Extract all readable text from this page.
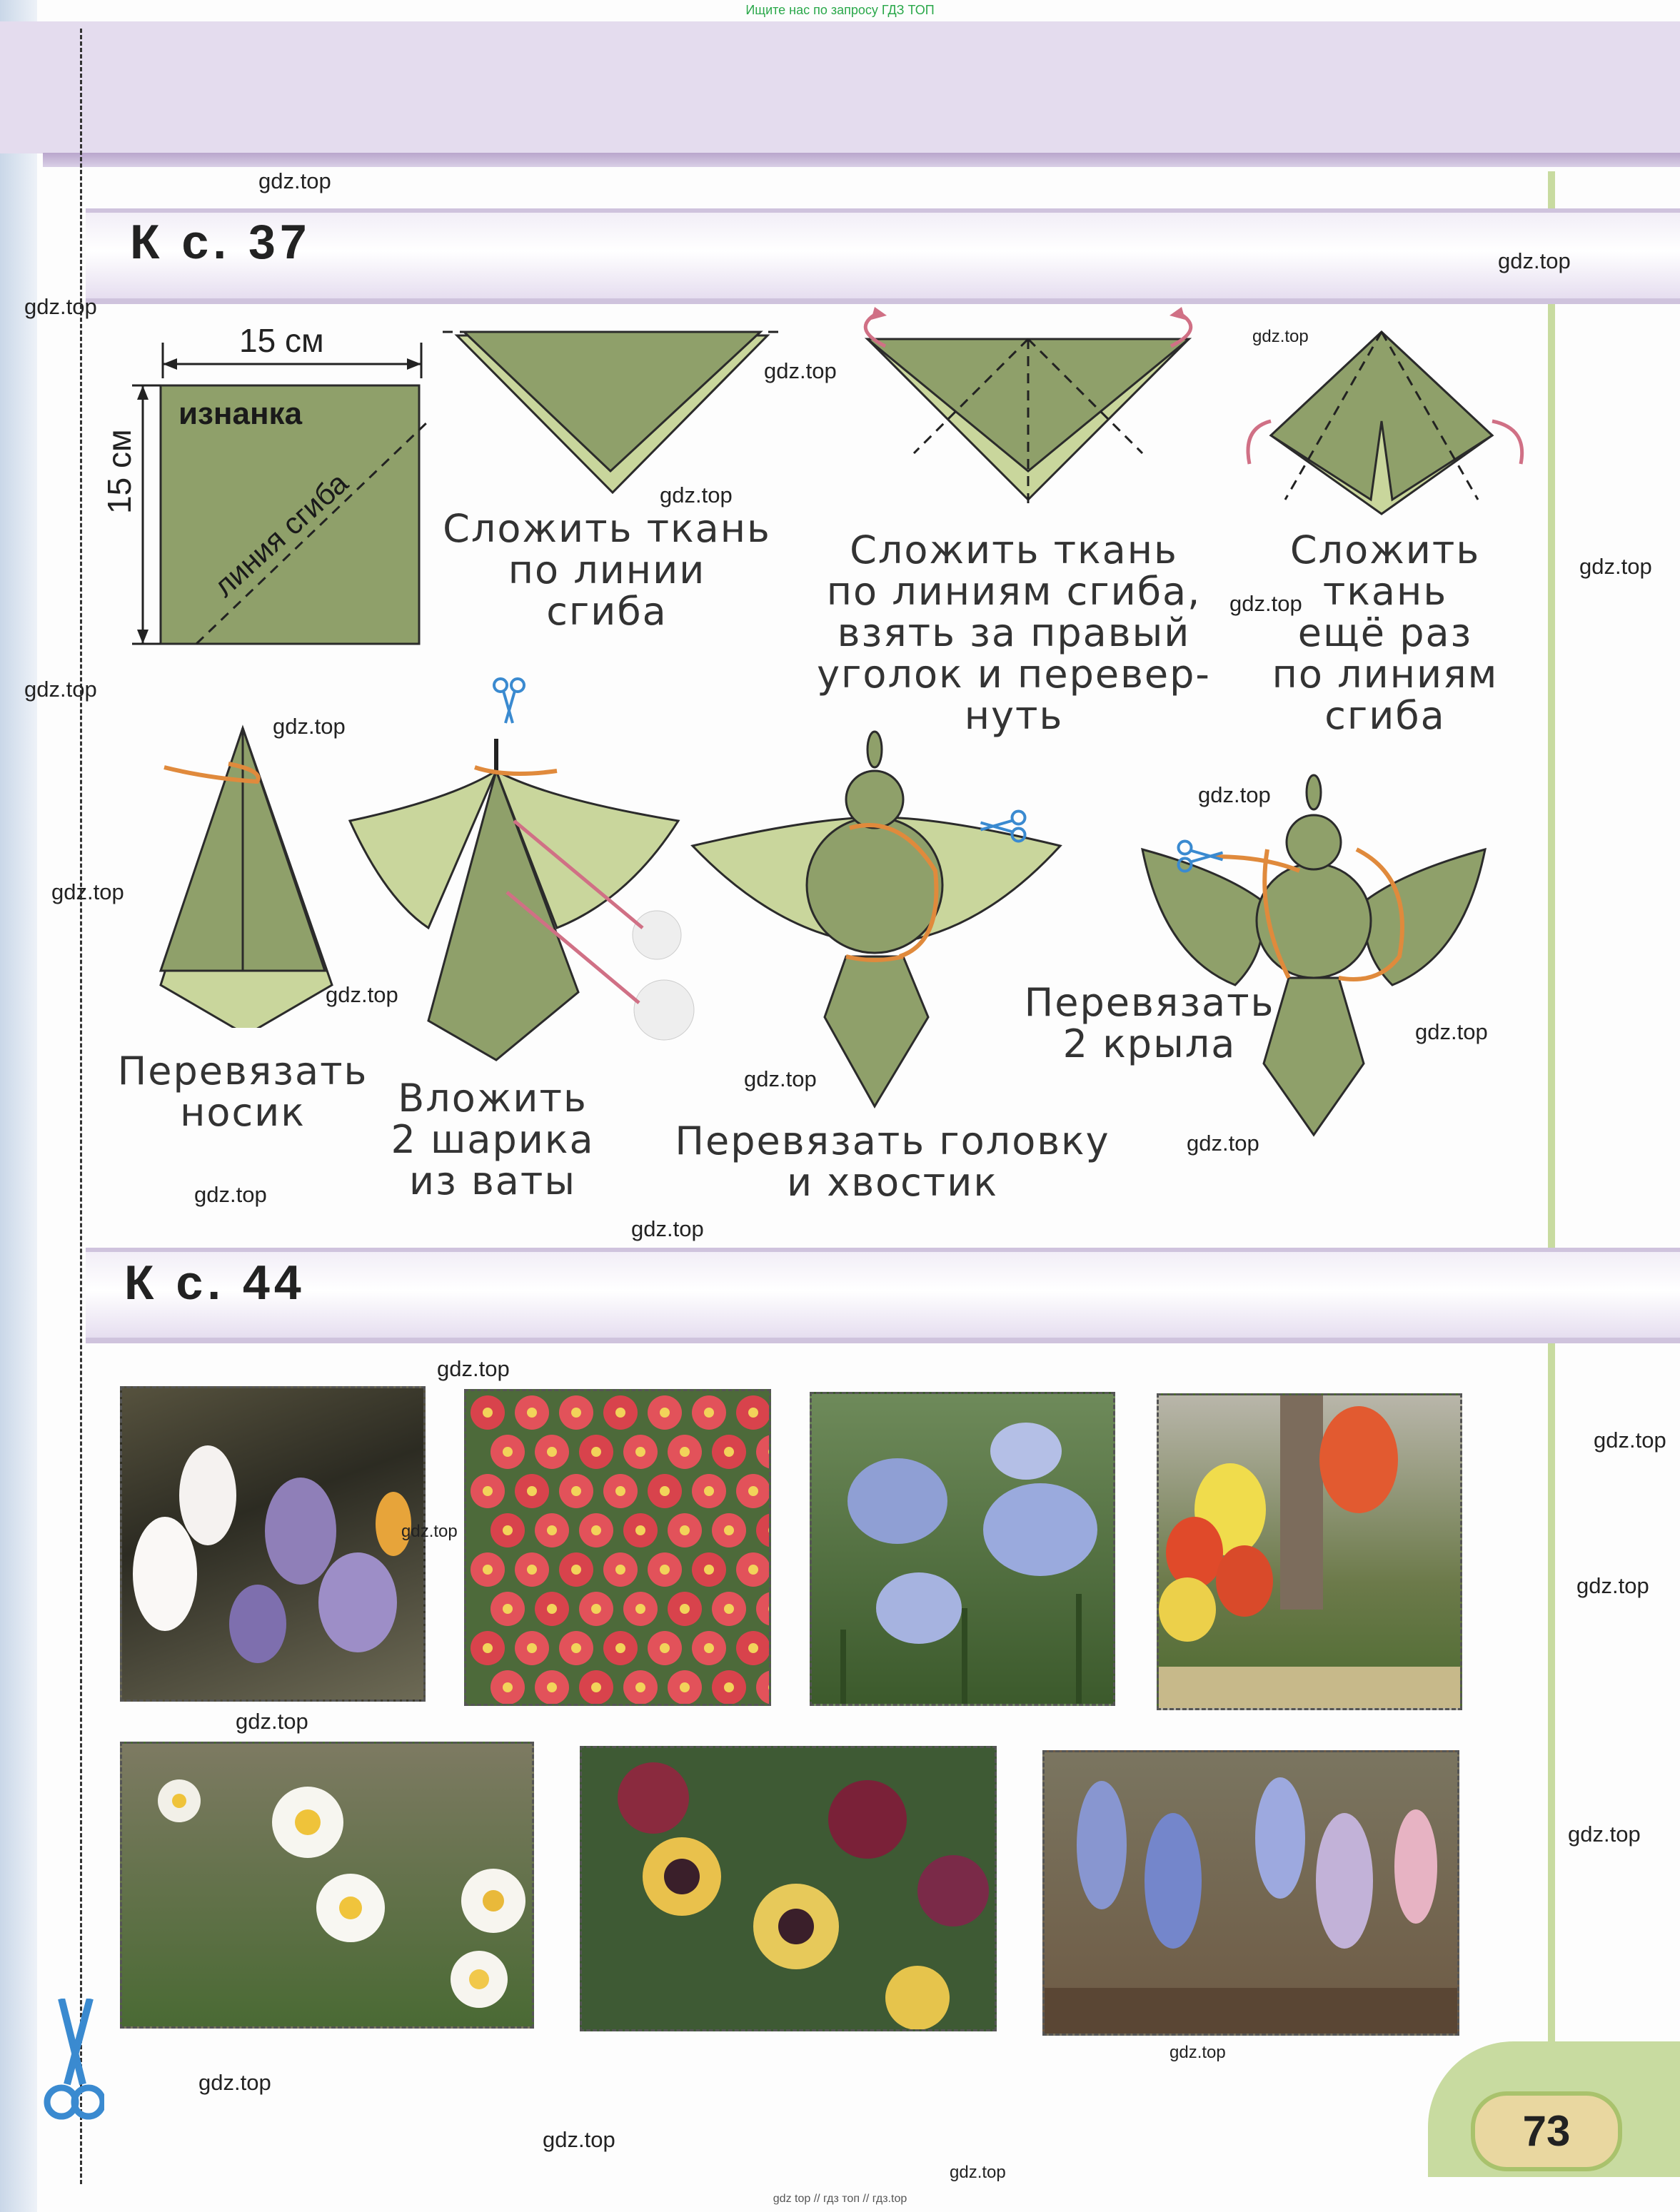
Ищите нас по запросу ГДЗ ТОП
К с. 37
15 см
15 см
изнанка
линия сгиба	Сложить ткань
по линии
сгиба
Сложить ткань
по линиям сгиба,
взять за правый
уголок и перевер-
нуть
Сложить
ткань
ещё раз
по линиям
сгиба
Перевязать
носик	Вложить
2 шарика
из ваты
Перевязать головку
и хвостик
Перевязать
2 крыла
К с. 44
73
gdz.top
gdz.top
gdz.top
gdz.top
gdz.top
gdz.top
gdz.top
gdz.top
gdz.top
gdz.top
gdz.top
gdz.top
gdz.top
gdz.top
gdz.top
gdz.top
gdz.top
gdz.top
gdz.top
gdz.top
gdz.top
gdz.top
gdz.top
gdz.top
gdz.top
gdz.top
gdz.top
gdz.top
gdz top // гдз топ // гдз.top
